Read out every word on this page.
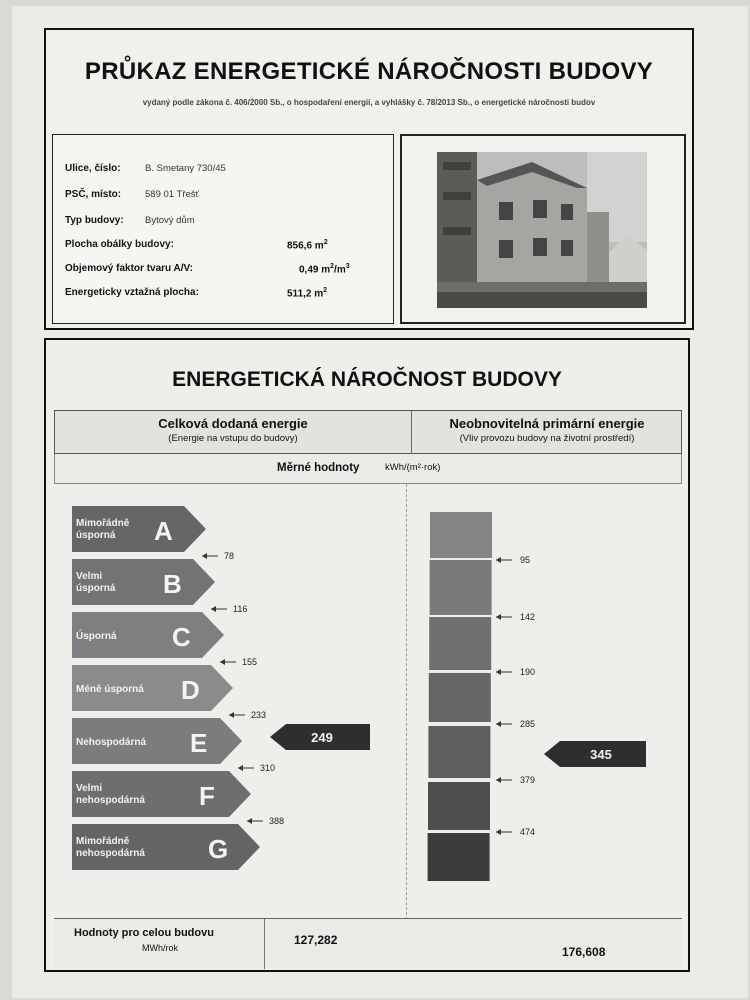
PRŮKAZ ENERGETICKÉ NÁROČNOSTI BUDOVY
vydaný podle zákona č. 406/2000 Sb., o hospodaření energií, a vyhlášky č. 78/2013 Sb., o energetické náročnosti budov
Ulice, číslo:	B. Smetany 730/45
PSČ, místo:	589 01 Třešť
Typ budovy: Bytový dům
Plocha obálky budovy:	856,6 $m^2$
Objemový faktor tvaru A/V:	0,49 $m^2/m^3$
Energeticky vztažná plocha:	511,2 $m^2$
ENERGETICKÁ NÁROČNOST BUDOVY
Celková dodaná energie
(Energie na vstupu do budovy)
Neobnovitelná primární energie
(Vliv provozu budovy na životní prostředí)
Měrné hodnoty	kWh/(m²·rok)
Mimořádně
úsporná A
Velmi
úsporná B
Úsporná C
Méně úsporná D
Nehospodárná E
Velmi
nehospodárná F
Mimořádně
nehospodárná G
78
116
155
233
310
388
249
95
142
190
285
379
474
345
Hodnoty pro celou budovu
MWh/rok
127,282
176,608
